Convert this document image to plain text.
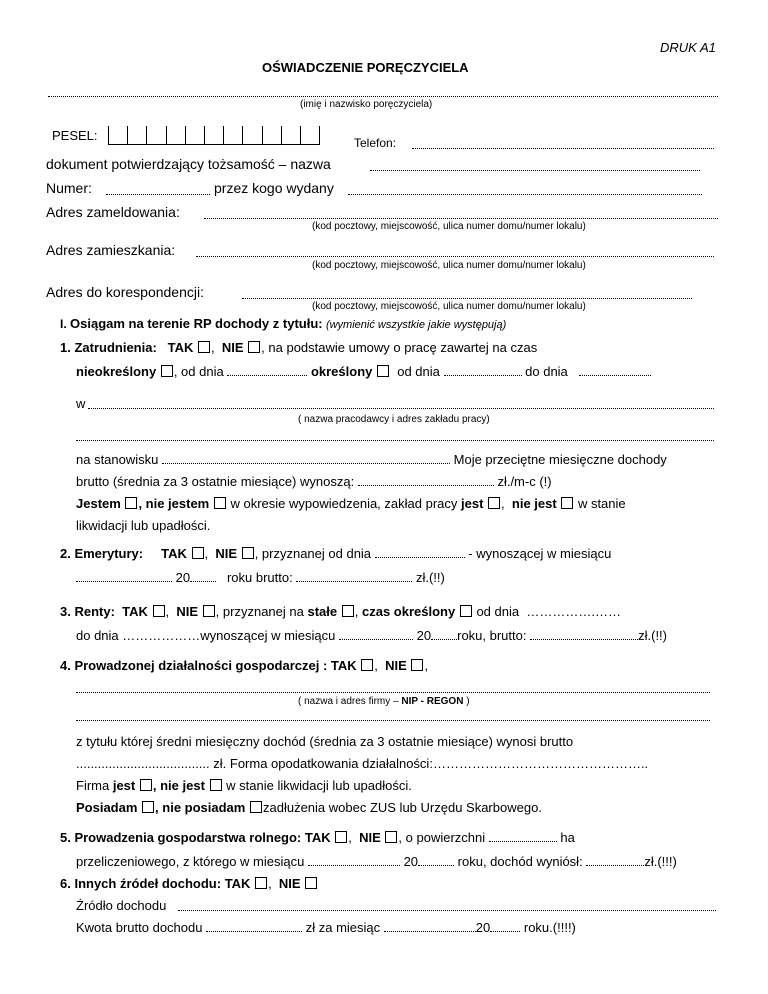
DRUK A1
OŚWIADCZENIE PORĘCZYCIELA
(imię i nazwisko poręczyciela)
PESEL:	Telefon:
dokument potwierdzający tożsamość – nazwa
Numer:	przez kogo wydany
Adres zameldowania:
(kod pocztowy, miejscowość, ulica numer domu/numer lokalu)
Adres zamieszkania:
(kod pocztowy, miejscowość, ulica numer domu/numer lokalu)
Adres do korespondencji:
(kod pocztowy, miejscowość, ulica numer domu/numer lokalu)
I. Osiągam na terenie RP dochody z tytułu: (wymienić wszystkie jakie występują)
1. Zatrudnienia: TAK ,  NIE , na podstawie umowy o pracę zawartej na czas
nieokreślony , od dnia	określony od dnia	do dnia
w
( nazwa pracodawcy i adres zakładu pracy)
na stanowisku	Moje przeciętne miesięczne dochody
brutto (średnia za 3 ostatnie miesiące) wynoszą:	zł./m-c (!)
Jestem , nie jestem w okresie wypowiedzenia, zakład pracy jest ,  nie jest w stanie
likwidacji lub upadłości.
2. Emerytury: TAK ,  NIE , przyznanej od dnia	- wynoszącej w miesiącu
20	roku brutto:	zł.(!!)
3. Renty: TAK ,  NIE , przyznanej na stałe , czas określony od dnia …………….……
do dnia ………………wynoszącej w miesiącu	20 roku, brutto:	zł.(!!)
4. Prowadzonej działalności gospodarczej : TAK ,  NIE ,
( nazwa i adres firmy – NIP - REGON )
z tytułu której średni miesięczny dochód (średnia za 3 ostatnie miesiące) wynosi brutto
..................................... zł. Forma opodatkowania działalności:…………………………………………..
Firma jest , nie jest w stanie likwidacji lub upadłości.
Posiadam , nie posiadam zadłużenia wobec ZUS lub Urzędu Skarbowego.
5. Prowadzenia gospodarstwa rolnego: TAK ,  NIE , o powierzchni	ha
przeliczeniowego, z którego w miesiącu	20	roku, dochód wyniósł:	zł.(!!!)
6. Innych źródeł dochodu: TAK ,  NIE
Źródło dochodu
Kwota brutto dochodu	zł za miesiąc	20	roku.(!!!!)
